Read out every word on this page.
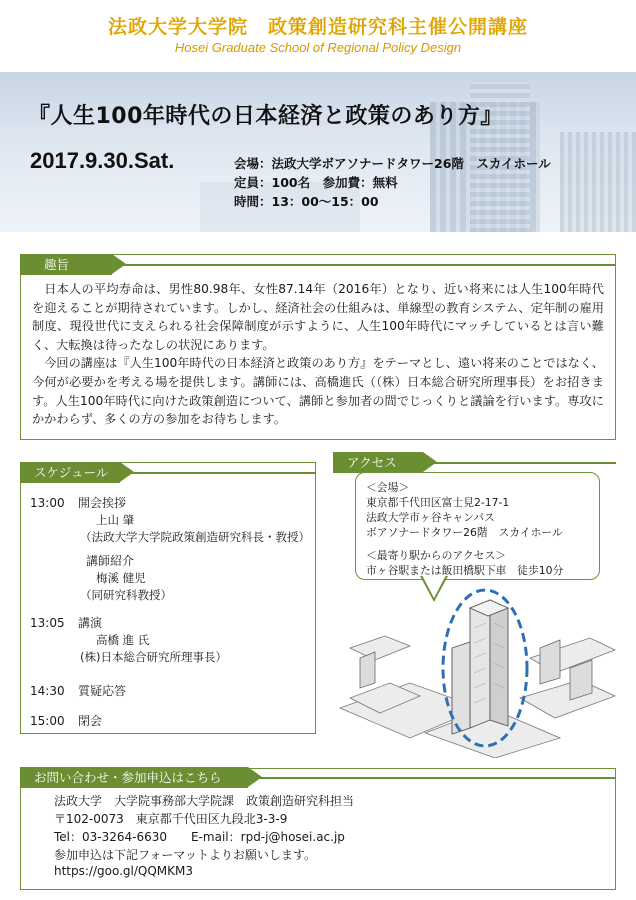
法政大学大学院　政策創造研究科主催公開講座
Hosei Graduate School of Regional Policy Design
『人生100年時代の日本経済と政策のあり方』
2017.9.30.Sat.	会場：法政大学ボアソナードタワー26階　スカイホール
定員：100名　参加費：無料
時間：13：00～15：00
趣旨

日本人の平均寿命は、男性80.98年、女性87.14年（2016年）となり、近い将来には人生100年時代を迎えることが期待されています。しかし、経済社会の仕組みは、単線型の教育システム、定年制の雇用制度、現役世代に支えられる社会保障制度が示すように、人生100年時代にマッチしているとは言い難く、大転換は待ったなしの状況にあります。

今回の講座は『人生100年時代の日本経済と政策のあり方』をテーマとし、遠い将来のことではなく、今何が必要かを考える場を提供します。講師には、高橋進氏（（株）日本総合研究所理事長）をお招きます。人生100年時代に向けた政策創造について、講師と参加者の間でじっくりと議論を行います。専攻にかかわらず、多くの方の参加をお待ちします。

スケジュール
13:00 開会挨拶
上山 肇
（法政大学大学院政策創造研究科長・教授）
講師紹介
梅溪 健児
（同研究科教授）
13:05 講演
高橋 進 氏
(株)日本総合研究所理事長）
14:30 質疑応答
15:00 閉会
アクセス
＜会場＞
東京都千代田区富士見2-17-1
法政大学市ヶ谷キャンパス
ボアソナードタワー26階　スカイホール
＜最寄り駅からのアクセス＞
市ヶ谷駅または飯田橋駅下車　徒歩10分
お問い合わせ・参加申込はこちら
法政大学　大学院事務部大学院課　政策創造研究科担当
〒102-0073　東京都千代田区九段北3-3-9
Tel：03-3264-6630　　E-mail：rpd-j@hosei.ac.jp
参加申込は下記フォーマットよりお願いします。
https://goo.gl/QQMKM3
